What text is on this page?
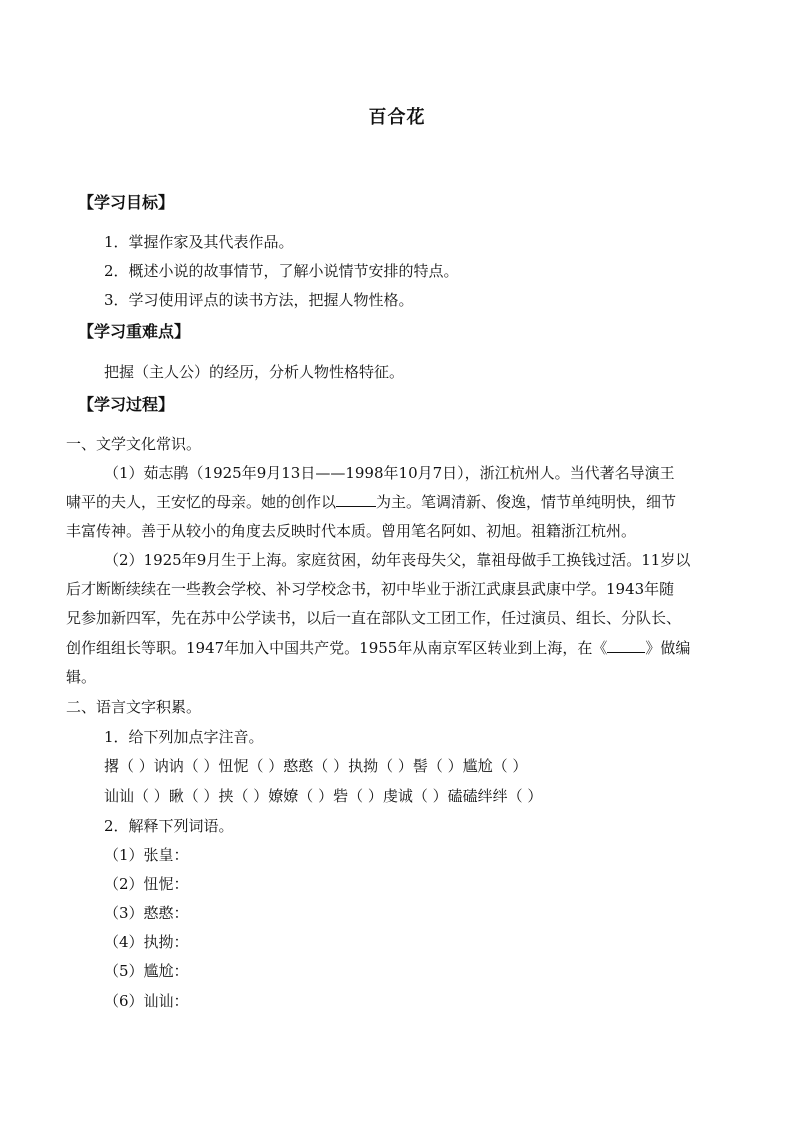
百合花
【学习目标】
1．掌握作家及其代表作品。
2．概述小说的故事情节，了解小说情节安排的特点。
3．学习使用评点的读书方法，把握人物性格。
【学习重难点】
把握（主人公）的经历，分析人物性格特征。
【学习过程】
一、文学文化常识。
（1）茹志鹃（1925年9月13日——1998年10月7日），浙江杭州人。当代著名导演王
啸平的夫人，王安忆的母亲。她的创作以	为主。笔调清新、俊逸，情节单纯明快，细节
丰富传神。善于从较小的角度去反映时代本质。曾用笔名阿如、初旭。祖籍浙江杭州。
（2）1925年9月生于上海。家庭贫困，幼年丧母失父，靠祖母做手工换钱过活。11岁以
后才断断续续在一些教会学校、补习学校念书，初中毕业于浙江武康县武康中学。1943年随
兄参加新四军，先在苏中公学读书，以后一直在部队文工团工作，任过演员、组长、分队长、
创作组组长等职。1947年加入中国共产党。1955年从南京军区转业到上海，在《	》做编
辑。
二、语言文字积累。
1．给下列加点字注音。
撂（ ）讷讷（ ）忸怩（ ）憨憨（ ）执拗（ ）髻（ ）尴尬（ ）
讪讪（ ）瞅（ ）挟（ ）嫽嫽（ ）砦（ ）虔诚（ ）磕磕绊绊（ ）
2．解释下列词语。
（1）张皇：
（2）忸怩：
（3）憨憨：
（4）执拗：
（5）尴尬：
（6）讪讪：
